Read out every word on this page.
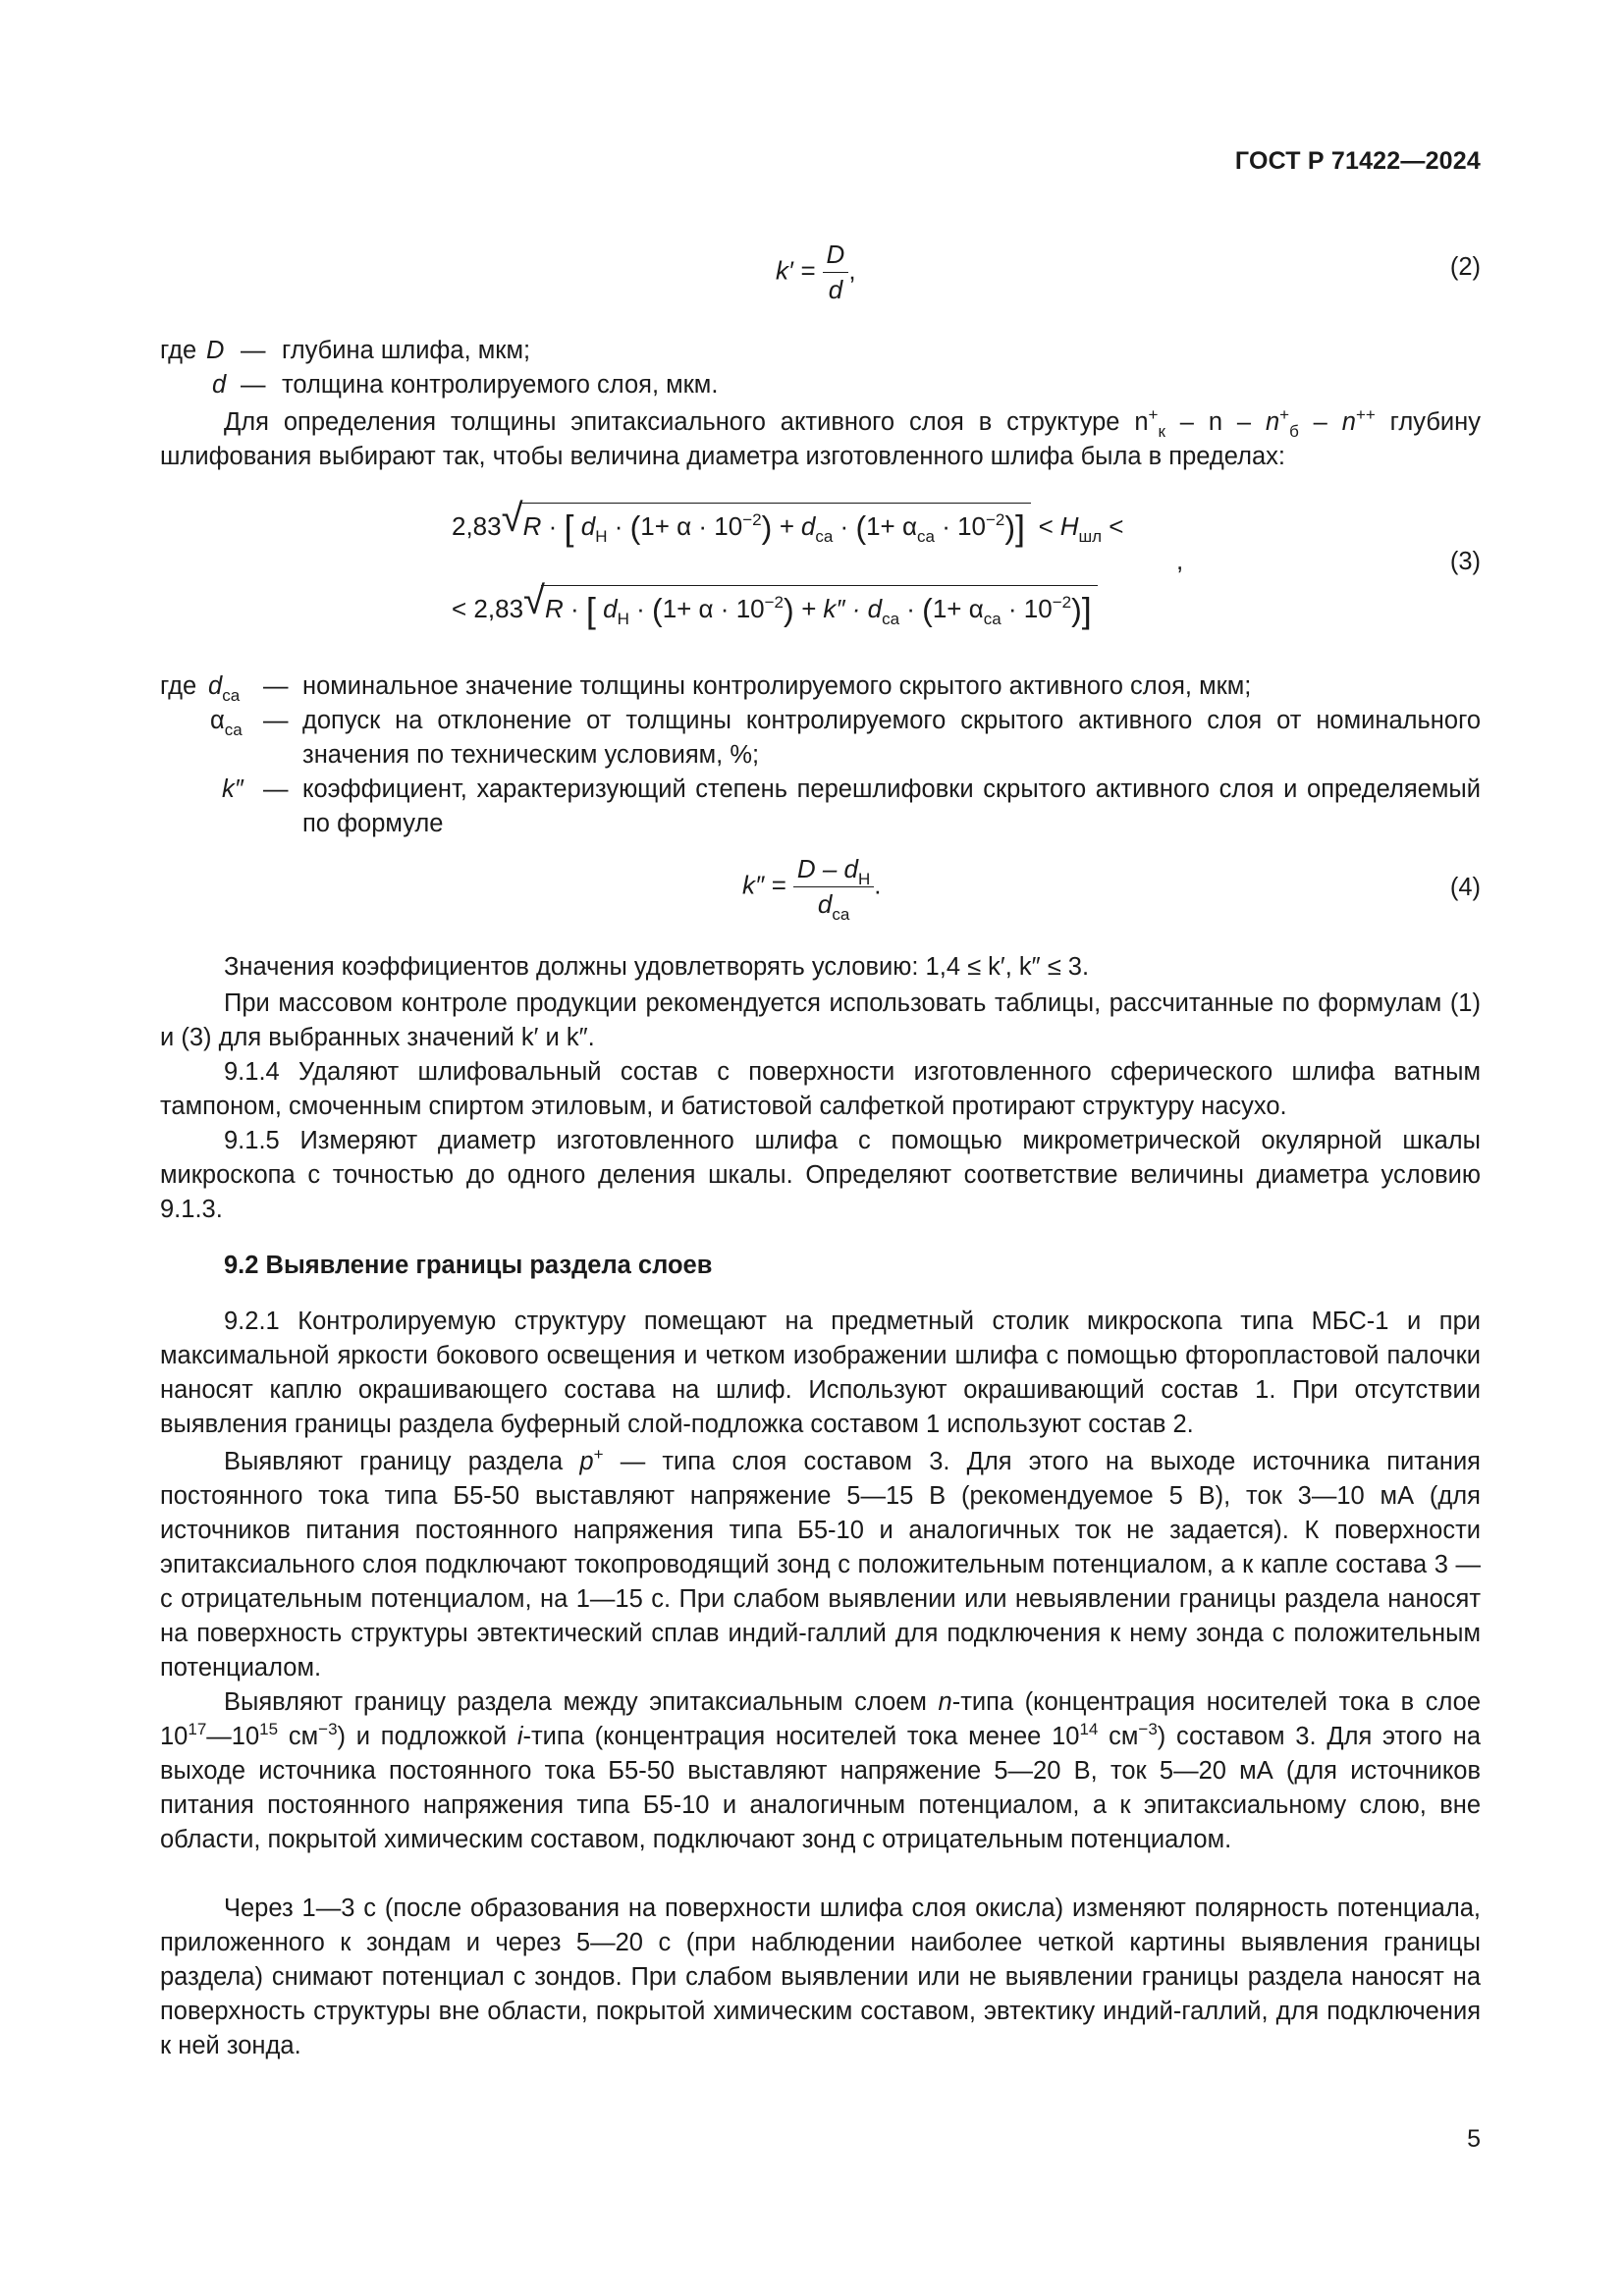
ГОСТ Р 71422—2024
$k' = \frac{D}{d}$ ,	(2)
где D — глубина шлифа, мкм;
d — толщина контролируемого слоя, мкм.
Для определения толщины эпитаксиального активного слоя в структуре $n^+_к$ – n – $n^+_б - n^{++}$ глубину шлифования выбирают так, чтобы величина диаметра изготовленного шлифа была в пределах:
2,83 √ R · [ $d_Н \cdot (1+ \alpha \cdot 10^{-2}) + d_{са} \cdot (1+ \alpha_{са} \cdot 10^{-2})] < H_{шл}$ <
,
< 2,83 √ R · [ $d_Н \cdot (1+ \alpha \cdot 10^{-2}) + k'' \cdot d_{са} \cdot (1+ \alpha_{са} \cdot 10^{-2})$]
(3)
где $d_{са}$ — номинальное значение толщины контролируемого скрытого активного слоя, мкм;
$\alpha_{са}$ — допуск на отклонение от толщины контролируемого скрытого активного слоя от номинального значения по техническим условиям, %;
k″ — коэффициент, характеризующий степень перешлифовки скрытого активного слоя и определяемый по формуле
$k'' = \frac{D - d_Н}{d_{са}}$ .	(4)
Значения коэффициентов должны удовлетворять условию: 1,4 ≤ k′, k″ ≤ 3.
При массовом контроле продукции рекомендуется использовать таблицы, рассчитанные по формулам (1) и (3) для выбранных значений k′ и k″.
9.1.4 Удаляют шлифовальный состав с поверхности изготовленного сферического шлифа ватным тампоном, смоченным спиртом этиловым, и батистовой салфеткой протирают структуру насухо.
9.1.5 Измеряют диаметр изготовленного шлифа с помощью микрометрической окулярной шкалы микроскопа с точностью до одного деления шкалы. Определяют соответствие величины диаметра условию 9.1.3.
9.2 Выявление границы раздела слоев
9.2.1 Контролируемую структуру помещают на предметный столик микроскопа типа МБС-1 и при максимальной яркости бокового освещения и четком изображении шлифа с помощью фторопластовой палочки наносят каплю окрашивающего состава на шлиф. Используют окрашивающий состав 1. При отсутствии выявления границы раздела буферный слой-подложка составом 1 используют состав 2.
Выявляют границу раздела p+ — типа слоя составом 3. Для этого на выходе источника питания постоянного тока типа Б5-50 выставляют напряжение 5—15 В (рекомендуемое 5 В), ток 3—10 мА (для источников питания постоянного напряжения типа Б5-10 и аналогичных ток не задается). К поверхности эпитаксиального слоя подключают токопроводящий зонд с положительным потенциалом, а к капле состава 3 — с отрицательным потенциалом, на 1—15 с. При слабом выявлении или невыявлении границы раздела наносят на поверхность структуры эвтектический сплав индий-галлий для подключения к нему зонда с положительным потенциалом.
Выявляют границу раздела между эпитаксиальным слоем n-типа (концентрация носителей тока в слое $10^{17}—10^{15}$ $см^{-3}$) и подложкой i-типа (концентрация носителей тока менее $10^{14}$ $см^{-3}$) составом 3. Для этого на выходе источника постоянного тока Б5-50 выставляют напряжение 5—20 В, ток 5—20 мА (для источников питания постоянного напряжения типа Б5-10 и аналогичным потенциалом, а к эпитаксиальному слою, вне области, покрытой химическим составом, подключают зонд с отрицательным потенциалом.
Через 1—3 с (после образования на поверхности шлифа слоя окисла) изменяют полярность потенциала, приложенного к зондам и через 5—20 с (при наблюдении наиболее четкой картины выявления границы раздела) снимают потенциал с зондов. При слабом выявлении или не выявлении границы раздела наносят на поверхность структуры вне области, покрытой химическим составом, эвтектику индий-галлий, для подключения к ней зонда.
5
